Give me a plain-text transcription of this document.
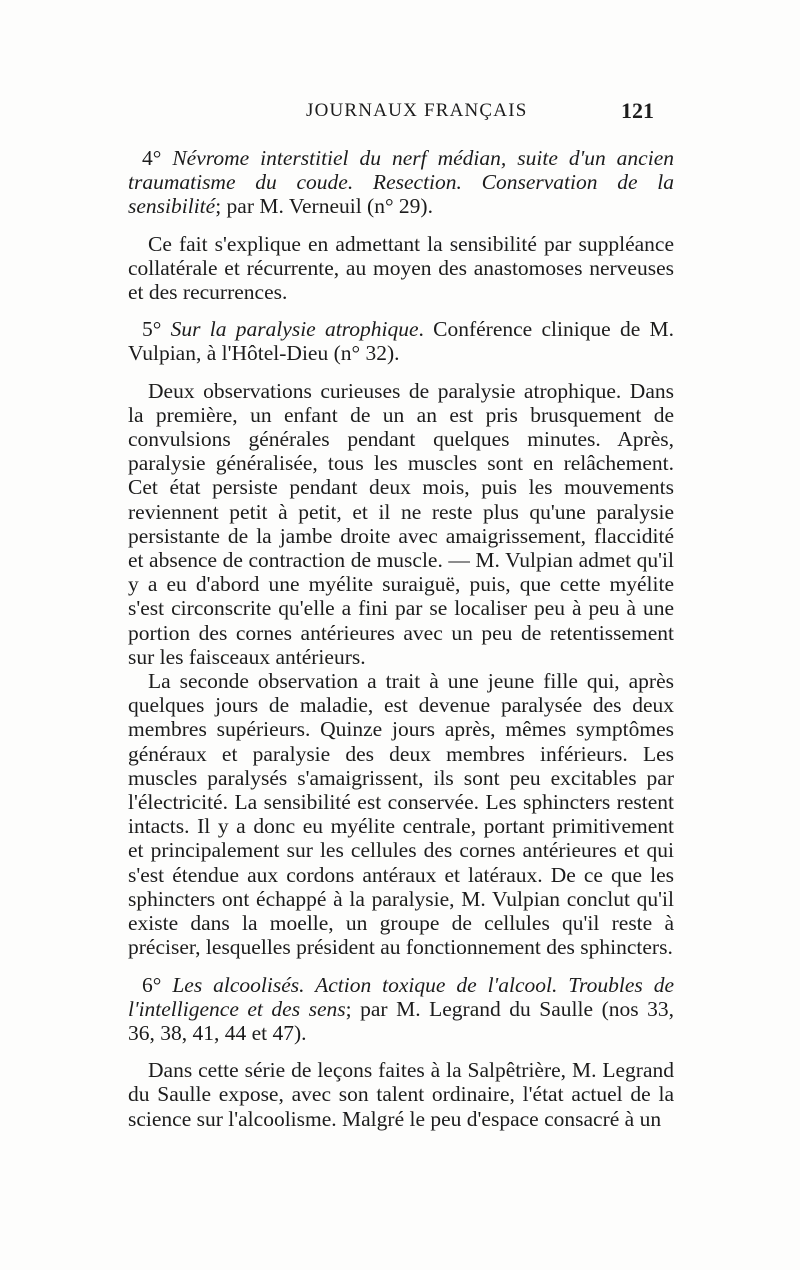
JOURNAUX FRANÇAIS	121

4° Névrome interstitiel du nerf médian, suite d'un ancien traumatisme du coude. Resection. Conservation de la sensibilité; par M. Verneuil (n° 29).

Ce fait s'explique en admettant la sensibilité par suppléance collatérale et récurrente, au moyen des anastomoses nerveuses et des recurrences.

5° Sur la paralysie atrophique. Conférence clinique de M. Vulpian, à l'Hôtel-Dieu (n° 32).

Deux observations curieuses de paralysie atrophique. Dans la première, un enfant de un an est pris brusquement de convulsions générales pendant quelques minutes. Après, paralysie généralisée, tous les muscles sont en relâchement. Cet état persiste pendant deux mois, puis les mouvements reviennent petit à petit, et il ne reste plus qu'une paralysie persistante de la jambe droite avec amaigrissement, flaccidité et absence de contraction de muscle. — M. Vulpian admet qu'il y a eu d'abord une myélite suraiguë, puis, que cette myélite s'est circonscrite qu'elle a fini par se localiser peu à peu à une portion des cornes antérieures avec un peu de retentissement sur les faisceaux antérieurs.

La seconde observation a trait à une jeune fille qui, après quelques jours de maladie, est devenue paralysée des deux membres supérieurs. Quinze jours après, mêmes symptômes généraux et paralysie des deux membres inférieurs. Les muscles paralysés s'amaigrissent, ils sont peu excitables par l'électricité. La sensibilité est conservée. Les sphincters restent intacts. Il y a donc eu myélite centrale, portant primitivement et principalement sur les cellules des cornes antérieures et qui s'est étendue aux cordons antéraux et latéraux. De ce que les sphincters ont échappé à la paralysie, M. Vulpian conclut qu'il existe dans la moelle, un groupe de cellules qu'il reste à préciser, lesquelles président au fonctionnement des sphincters.

6° Les alcoolisés. Action toxique de l'alcool. Troubles de l'intelligence et des sens; par M. Legrand du Saulle (nos 33, 36, 38, 41, 44 et 47).

Dans cette série de leçons faites à la Salpêtrière, M. Legrand du Saulle expose, avec son talent ordinaire, l'état actuel de la science sur l'alcoolisme. Malgré le peu d'espace consacré à un
